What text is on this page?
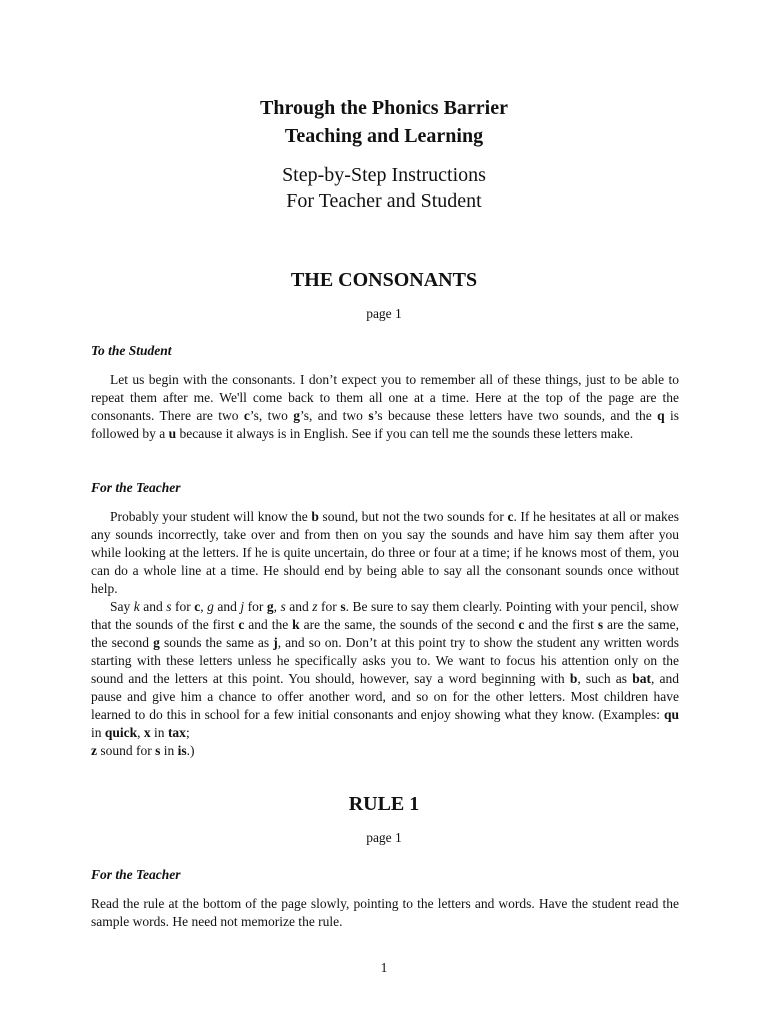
Through the Phonics Barrier

Teaching and Learning

Step-by-Step Instructions

For Teacher and Student

THE CONSONANTS

page 1

To the Student

Let us begin with the consonants. I don’t expect you to remember all of these things, just to be able to repeat them after me. We'll come back to them all one at a time. Here at the top of the page are the consonants. There are two c’s, two g’s, and two s’s because these letters have two sounds, and the q is followed by a u because it always is in English. See if you can tell me the sounds these letters make.

For the Teacher

Probably your student will know the b sound, but not the two sounds for c. If he hesitates at all or makes any sounds incorrectly, take over and from then on you say the sounds and have him say them after you while looking at the letters. If he is quite uncertain, do three or four at a time; if he knows most of them, you can do a whole line at a time. He should end by being able to say all the consonant sounds once without help.

Say k and s for c, g and j for g, s and z for s. Be sure to say them clearly. Pointing with your pencil, show that the sounds of the first c and the k are the same, the sounds of the second c and the first s are the same, the second g sounds the same as j, and so on. Don’t at this point try to show the student any written words starting with these letters unless he specifically asks you to. We want to focus his attention only on the sound and the letters at this point. You should, however, say a word beginning with b, such as bat, and pause and give him a chance to offer another word, and so on for the other letters. Most children have learned to do this in school for a few initial consonants and enjoy showing what they know. (Examples: qu in quick, x in tax;
z sound for s in is.)

RULE 1

page 1

For the Teacher

Read the rule at the bottom of the page slowly, pointing to the letters and words. Have the student read the sample words. He need not memorize the rule.

1
